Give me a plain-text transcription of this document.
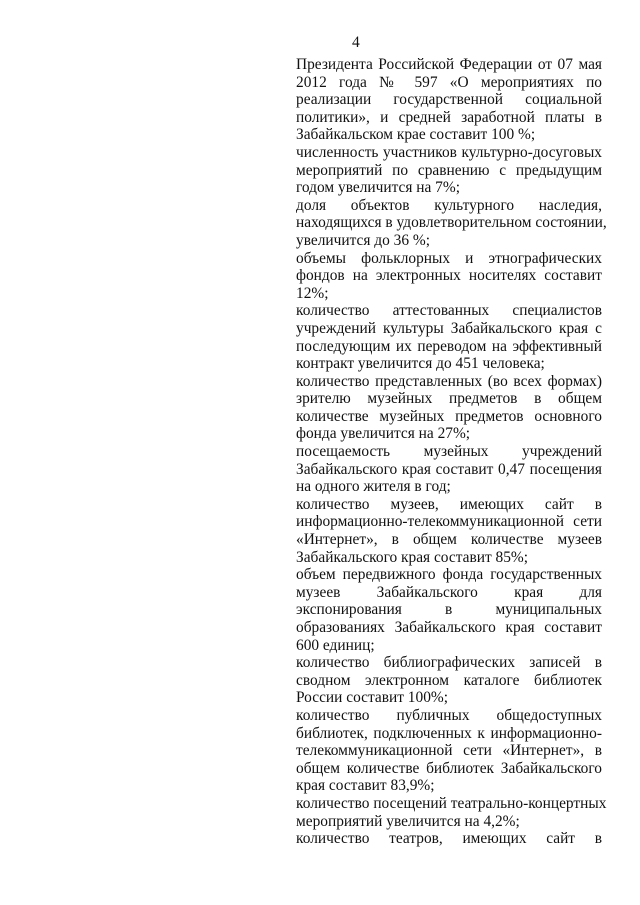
4
Президента Российской Федерации от 07 мая
2012 года № 597 «О мероприятиях по
реализации государственной социальной
политики», и средней заработной платы в
Забайкальском крае составит 100 %;
численность участников культурно-досуговых
мероприятий по сравнению с предыдущим
годом увеличится на 7%;
доля объектов культурного наследия,
находящихся в удовлетворительном состоянии,
увеличится до 36 %;
объемы фольклорных и этнографических
фондов на электронных носителях составит
12%;
количество аттестованных специалистов
учреждений культуры Забайкальского края с
последующим их переводом на эффективный
контракт увеличится до 451 человека;
количество представленных (во всех формах)
зрителю музейных предметов в общем
количестве музейных предметов основного
фонда увеличится на 27%;
посещаемость музейных учреждений
Забайкальского края составит 0,47 посещения
на одного жителя в год;
количество музеев, имеющих сайт в
информационно-телекоммуникационной сети
«Интернет», в общем количестве музеев
Забайкальского края составит 85%;
объем передвижного фонда государственных
музеев Забайкальского края для
экспонирования в муниципальных
образованиях Забайкальского края составит
600 единиц;
количество библиографических записей в
сводном электронном каталоге библиотек
России составит 100%;
количество публичных общедоступных
библиотек, подключенных к информационно-
телекоммуникационной сети «Интернет», в
общем количестве библиотек Забайкальского
края составит 83,9%;
количество посещений театрально-концертных
мероприятий увеличится на 4,2%;
количество театров, имеющих сайт в
